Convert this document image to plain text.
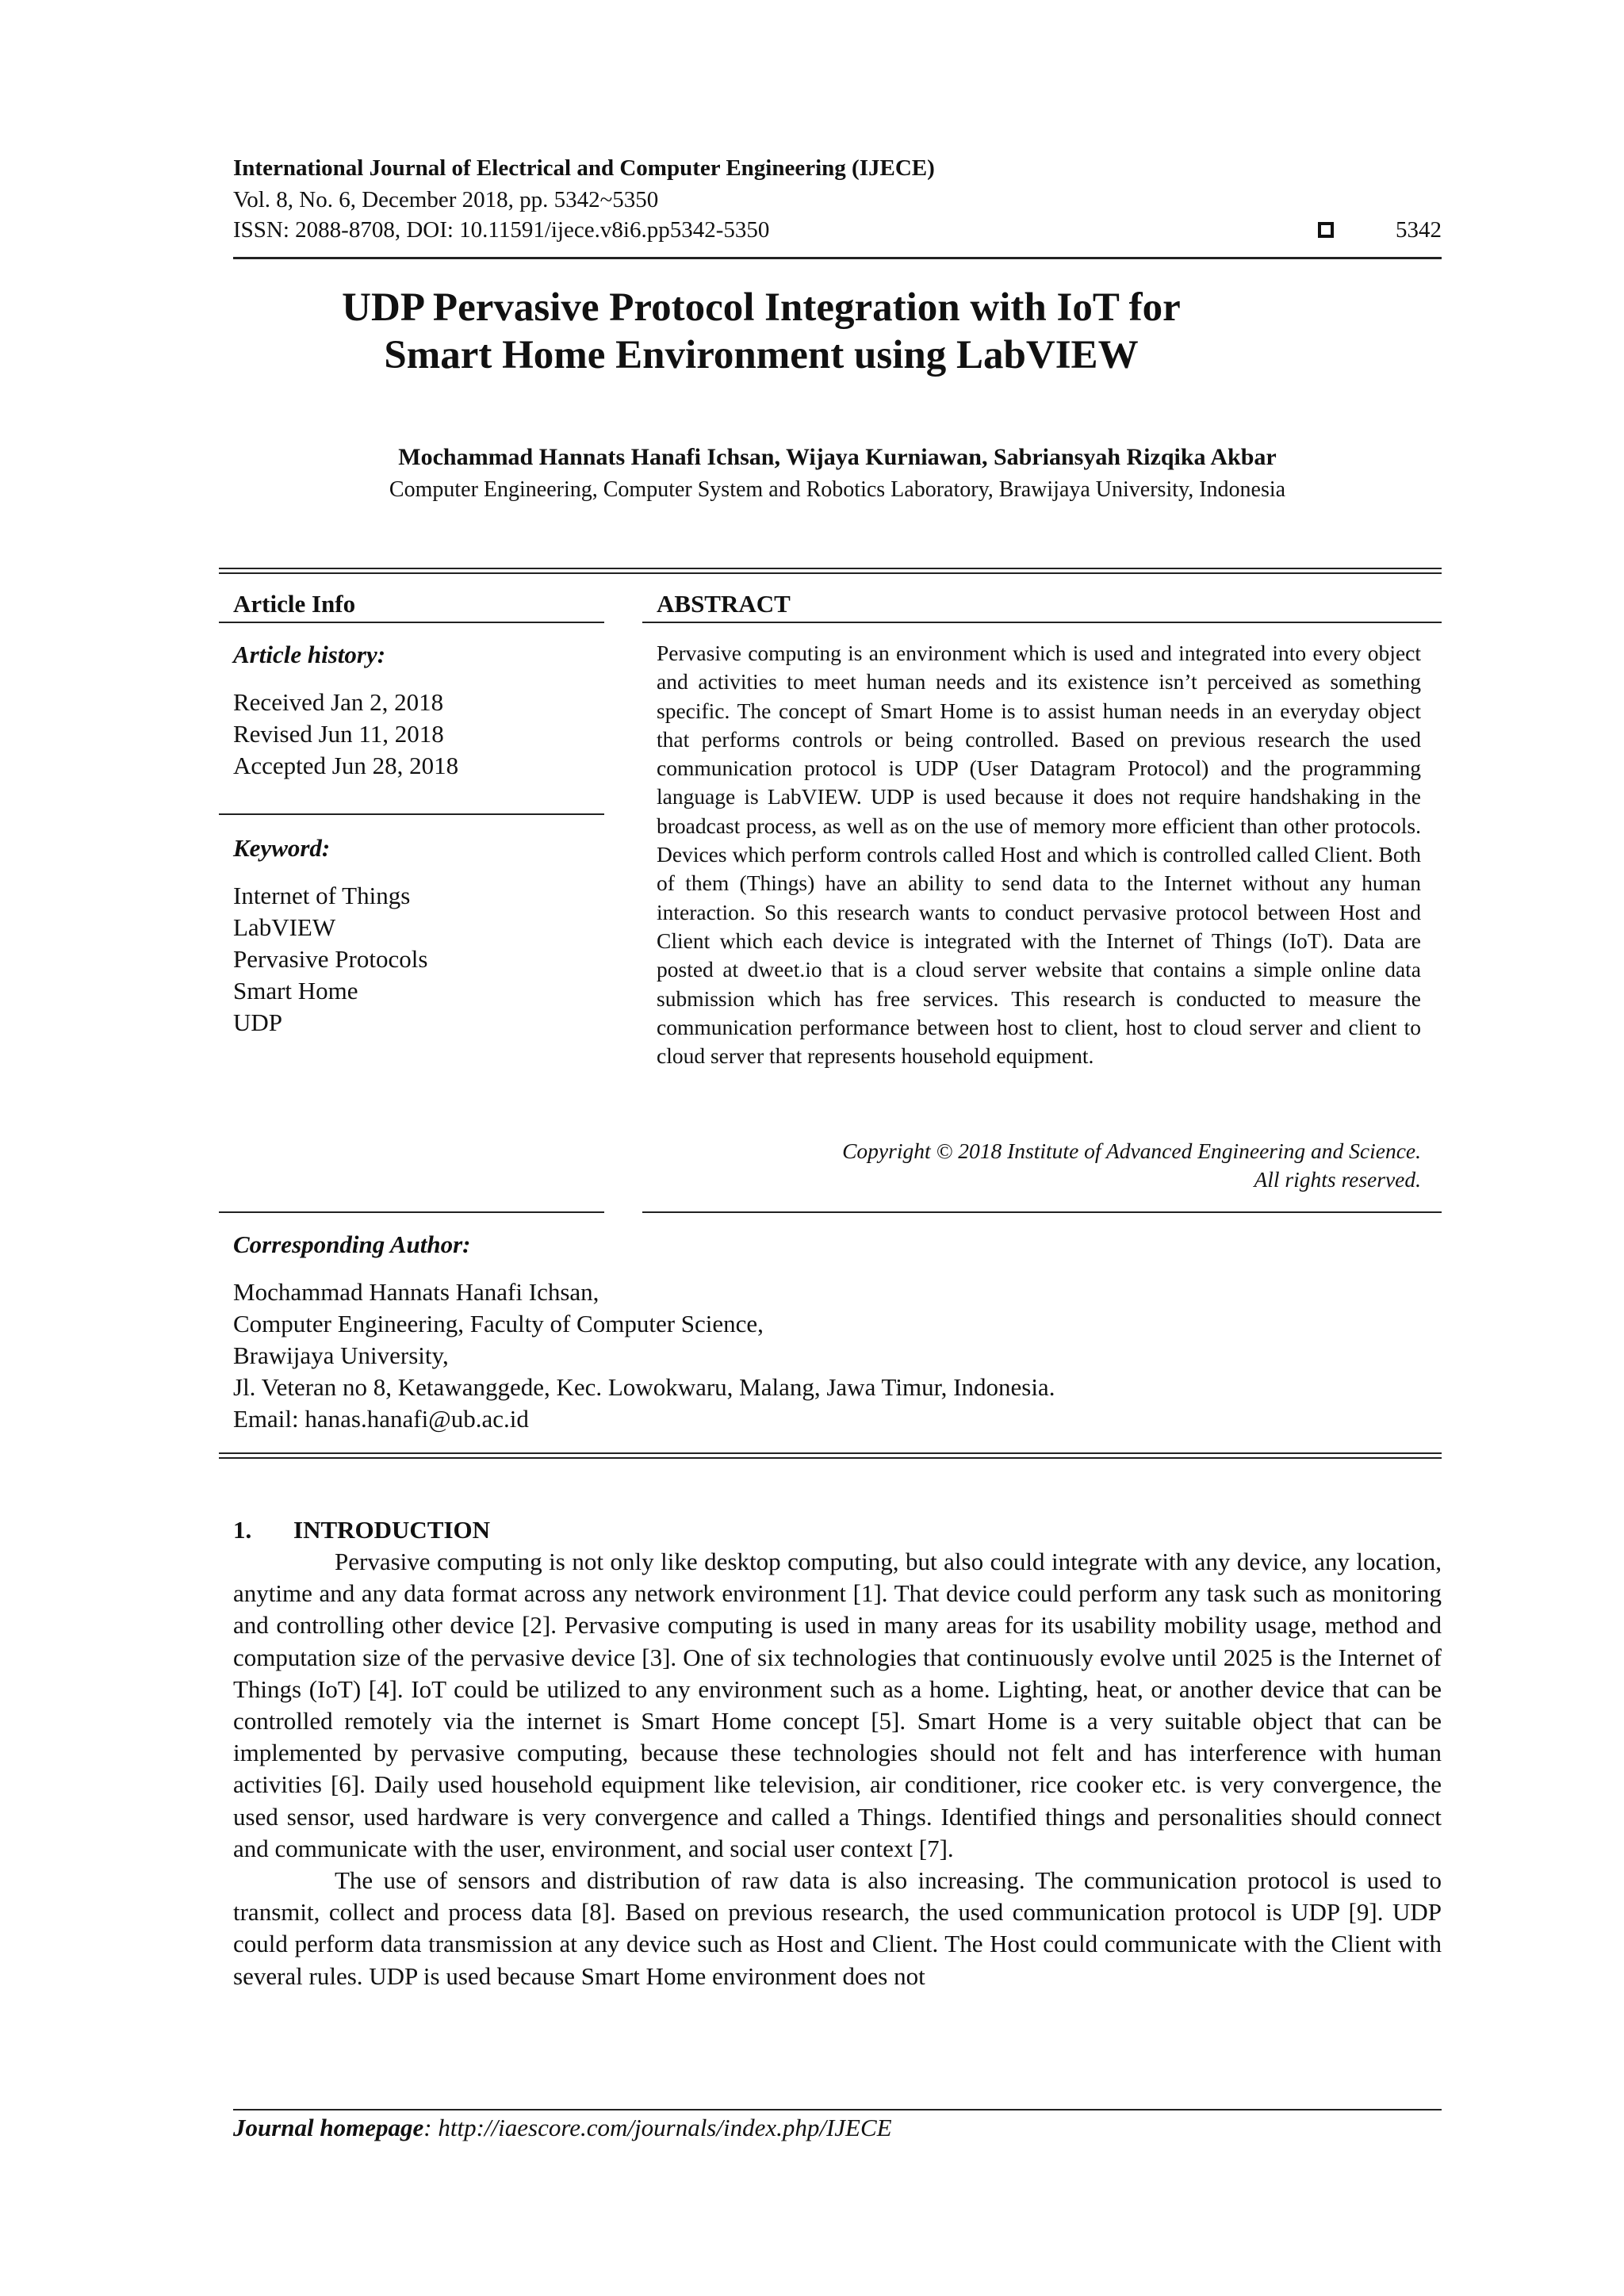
International Journal of Electrical and Computer Engineering (IJECE)
Vol. 8, No. 6, December 2018, pp. 5342~5350
ISSN: 2088-8708, DOI: 10.11591/ijece.v8i6.pp5342-5350	5342
UDP Pervasive Protocol Integration with IoT for Smart Home Environment using LabVIEW
Mochammad Hannats Hanafi Ichsan, Wijaya Kurniawan, Sabriansyah Rizqika Akbar
Computer Engineering, Computer System and Robotics Laboratory, Brawijaya University, Indonesia
Article Info
Article history:
Received Jan 2, 2018
Revised Jun 11, 2018
Accepted Jun 28, 2018
Keyword:
Internet of Things
LabVIEW
Pervasive Protocols
Smart Home
UDP
ABSTRACT
Pervasive computing is an environment which is used and integrated into every object and activities to meet human needs and its existence isn’t perceived as something specific. The concept of Smart Home is to assist human needs in an everyday object that performs controls or being controlled. Based on previous research the used communication protocol is UDP (User Datagram Protocol) and the programming language is LabVIEW. UDP is used because it does not require handshaking in the broadcast process, as well as on the use of memory more efficient than other protocols. Devices which perform controls called Host and which is controlled called Client. Both of them (Things) have an ability to send data to the Internet without any human interaction. So this research wants to conduct pervasive protocol between Host and Client which each device is integrated with the Internet of Things (IoT). Data are posted at dweet.io that is a cloud server website that contains a simple online data submission which has free services. This research is conducted to measure the communication performance between host to client, host to cloud server and client to cloud server that represents household equipment.
Copyright © 2018 Institute of Advanced Engineering and Science.
All rights reserved.
Corresponding Author:
Mochammad Hannats Hanafi Ichsan,
Computer Engineering, Faculty of Computer Science,
Brawijaya University,
Jl. Veteran no 8, Ketawanggede, Kec. Lowokwaru, Malang, Jawa Timur, Indonesia.
Email: hanas.hanafi@ub.ac.id
1. INTRODUCTION

Pervasive computing is not only like desktop computing, but also could integrate with any device, any location, anytime and any data format across any network environment [1]. That device could perform any task such as monitoring and controlling other device [2]. Pervasive computing is used in many areas for its usability mobility usage, method and computation size of the pervasive device [3]. One of six technologies that continuously evolve until 2025 is the Internet of Things (IoT) [4]. IoT could be utilized to any environment such as a home. Lighting, heat, or another device that can be controlled remotely via the internet is Smart Home concept [5]. Smart Home is a very suitable object that can be implemented by pervasive computing, because these technologies should not felt and has interference with human activities [6]. Daily used household equipment like television, air conditioner, rice cooker etc. is very convergence, the used sensor, used hardware is very convergence and called a Things. Identified things and personalities should connect and communicate with the user, environment, and social user context [7].

The use of sensors and distribution of raw data is also increasing. The communication protocol is used to transmit, collect and process data [8]. Based on previous research, the used communication protocol is UDP [9]. UDP could perform data transmission at any device such as Host and Client. The Host could communicate with the Client with several rules. UDP is used because Smart Home environment does not

Journal homepage: http://iaescore.com/journals/index.php/IJECE
